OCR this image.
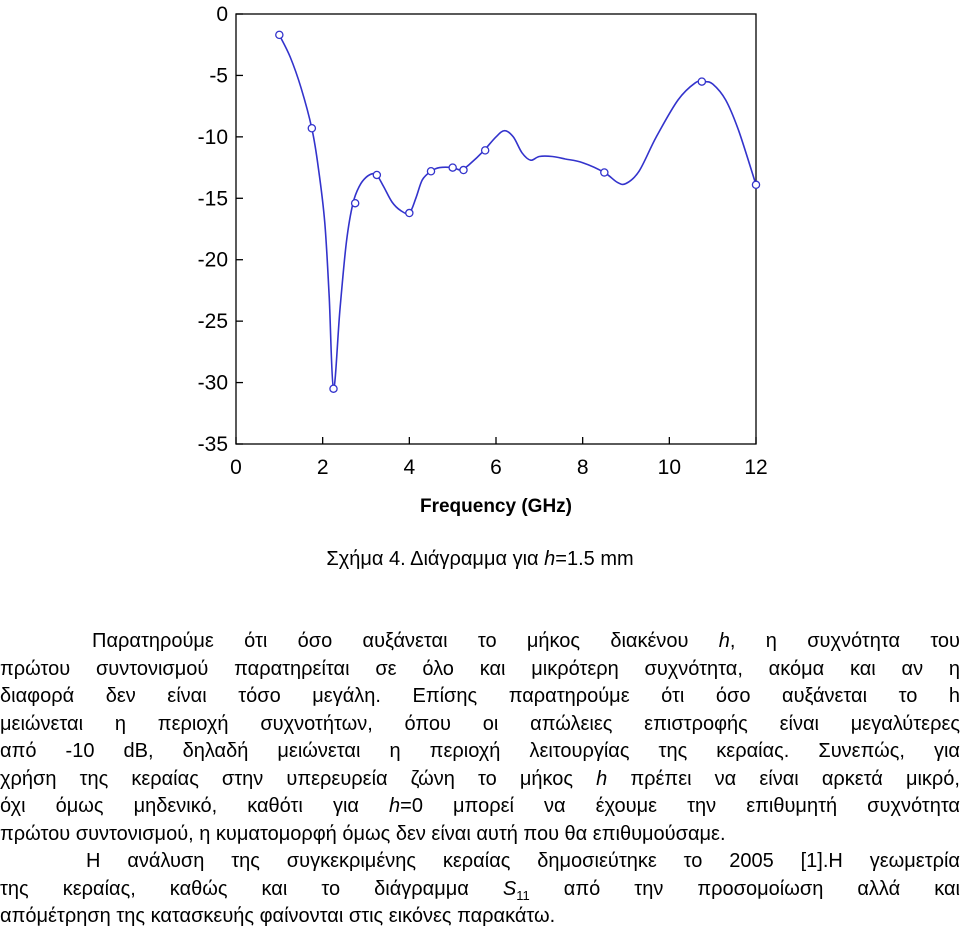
0
-5
-10
-15
-20
-25
-30
-35
0	2	4	6	8	10	12
Frequency (GHz)
Σχήμα 4. Διάγραμμα για h=1.5 mm
Παρατηρούμε ότι όσο αυξάνεται το μήκος διακένου h, η συχνότητα του
πρώτου συντονισμού παρατηρείται σε όλο και μικρότερη συχνότητα, ακόμα και αν η
διαφορά δεν είναι τόσο μεγάλη. Επίσης παρατηρούμε ότι όσο αυξάνεται το h
μειώνεται η περιοχή συχνοτήτων, όπου οι απώλειες επιστροφής είναι μεγαλύτερες
από -10 dB, δηλαδή μειώνεται η περιοχή λειτουργίας της κεραίας. Συνεπώς, για
χρήση της κεραίας στην υπερευρεία ζώνη το μήκος h πρέπει να είναι αρκετά μικρό,
όχι όμως μηδενικό, καθότι για h=0 μπορεί να έχουμε την επιθυμητή συχνότητα
πρώτου συντονισμού, η κυματομορφή όμως δεν είναι αυτή που θα επιθυμούσαμε.
Η ανάλυση της συγκεκριμένης κεραίας δημοσιεύτηκε το 2005 [1].Η γεωμετρία
της κεραίας, καθώς και το διάγραμμα $S_{11}$ από την προσομοίωση αλλά και
απόμέτρηση της κατασκευής φαίνονται στις εικόνες παρακάτω.
